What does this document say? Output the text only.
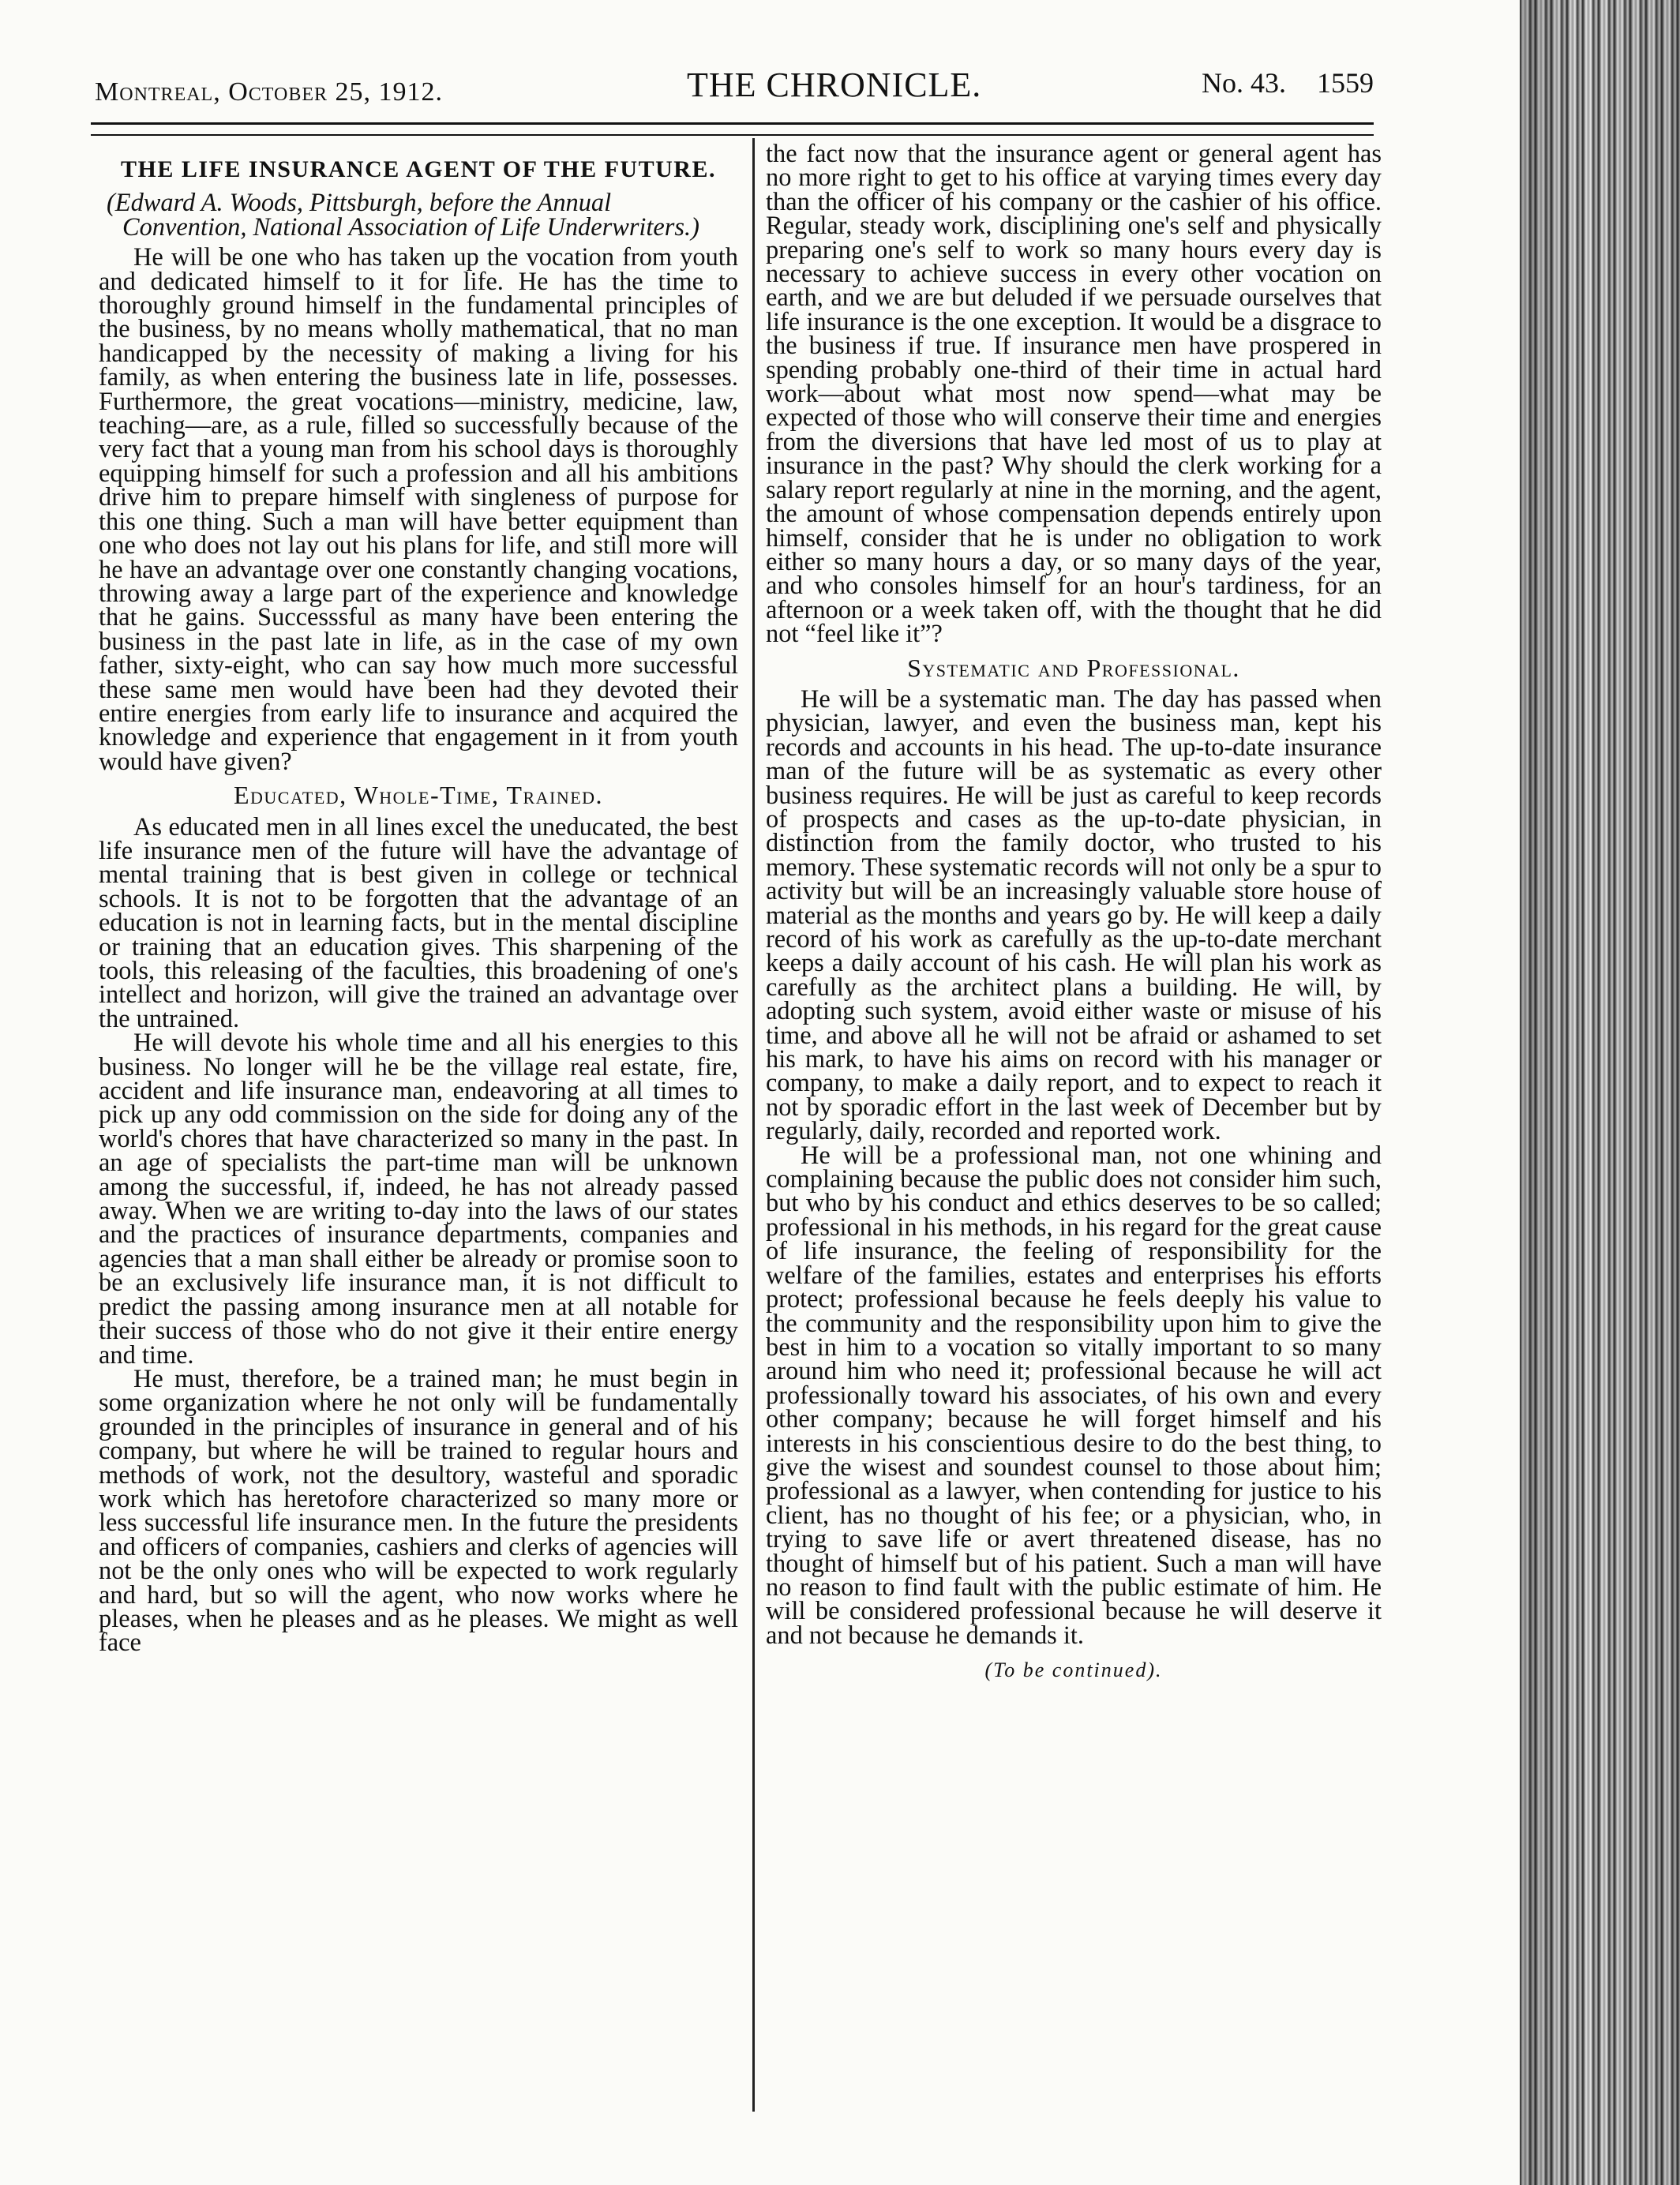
Montreal, October 25, 1912.	THE CHRONICLE.	No. 43. 1559
THE LIFE INSURANCE AGENT OF THE FUTURE.
(Edward A. Woods, Pittsburgh, before the Annual Convention, National Association of Life Underwriters.)

He will be one who has taken up the vocation from youth and dedicated himself to it for life. He has the time to thoroughly ground himself in the fundamental principles of the business, by no means wholly mathematical, that no man handicapped by the necessity of making a living for his family, as when entering the business late in life, possesses. Furthermore, the great vocations—ministry, medicine, law, teaching—are, as a rule, filled so successfully because of the very fact that a young man from his school days is thoroughly equipping himself for such a profession and all his ambitions drive him to prepare himself with singleness of purpose for this one thing. Such a man will have better equipment than one who does not lay out his plans for life, and still more will he have an advantage over one constantly changing vocations, throwing away a large part of the experience and knowledge that he gains. Successsful as many have been entering the business in the past late in life, as in the case of my own father, sixty-eight, who can say how much more successful these same men would have been had they devoted their entire energies from early life to insurance and acquired the knowledge and experience that engagement in it from youth would have given?

Educated, Whole-Time, Trained.

As educated men in all lines excel the uneducated, the best life insurance men of the future will have the advantage of mental training that is best given in college or technical schools. It is not to be forgotten that the advantage of an education is not in learning facts, but in the mental discipline or training that an education gives. This sharpening of the tools, this releasing of the faculties, this broadening of one's intellect and horizon, will give the trained an advantage over the untrained.

He will devote his whole time and all his energies to this business. No longer will he be the village real estate, fire, accident and life insurance man, endeavoring at all times to pick up any odd commission on the side for doing any of the world's chores that have characterized so many in the past. In an age of specialists the part-time man will be unknown among the successful, if, indeed, he has not already passed away. When we are writing to-day into the laws of our states and the practices of insurance departments, companies and agencies that a man shall either be already or promise soon to be an exclusively life insurance man, it is not difficult to predict the passing among insurance men at all notable for their success of those who do not give it their entire energy and time.

He must, therefore, be a trained man; he must begin in some organization where he not only will be fundamentally grounded in the principles of insurance in general and of his company, but where he will be trained to regular hours and methods of work, not the desultory, wasteful and sporadic work which has heretofore characterized so many more or less successful life insurance men. In the future the presidents and officers of companies, cashiers and clerks of agencies will not be the only ones who will be expected to work regularly and hard, but so will the agent, who now works where he pleases, when he pleases and as he pleases. We might as well face

the fact now that the insurance agent or general agent has no more right to get to his office at varying times every day than the officer of his company or the cashier of his office. Regular, steady work, disciplining one's self and physically preparing one's self to work so many hours every day is necessary to achieve success in every other vocation on earth, and we are but deluded if we persuade ourselves that life insurance is the one exception. It would be a disgrace to the business if true. If insurance men have prospered in spending probably one-third of their time in actual hard work—about what most now spend—what may be expected of those who will conserve their time and energies from the diversions that have led most of us to play at insurance in the past? Why should the clerk working for a salary report regularly at nine in the morning, and the agent, the amount of whose compensation depends entirely upon himself, consider that he is under no obligation to work either so many hours a day, or so many days of the year, and who consoles himself for an hour's tardiness, for an afternoon or a week taken off, with the thought that he did not “feel like it”?

Systematic and Professional.

He will be a systematic man. The day has passed when physician, lawyer, and even the business man, kept his records and accounts in his head. The up-to-date insurance man of the future will be as systematic as every other business requires. He will be just as careful to keep records of prospects and cases as the up-to-date physician, in distinction from the family doctor, who trusted to his memory. These systematic records will not only be a spur to activity but will be an increasingly valuable store house of material as the months and years go by. He will keep a daily record of his work as carefully as the up-to-date merchant keeps a daily account of his cash. He will plan his work as carefully as the architect plans a building. He will, by adopting such system, avoid either waste or misuse of his time, and above all he will not be afraid or ashamed to set his mark, to have his aims on record with his manager or company, to make a daily report, and to expect to reach it not by sporadic effort in the last week of December but by regularly, daily, recorded and reported work.

He will be a professional man, not one whining and complaining because the public does not consider him such, but who by his conduct and ethics deserves to be so called; professional in his methods, in his regard for the great cause of life insurance, the feeling of responsibility for the welfare of the families, estates and enterprises his efforts protect; professional because he feels deeply his value to the community and the responsibility upon him to give the best in him to a vocation so vitally important to so many around him who need it; professional because he will act professionally toward his associates, of his own and every other company; because he will forget himself and his interests in his conscientious desire to do the best thing, to give the wisest and soundest counsel to those about him; professional as a lawyer, when contending for justice to his client, has no thought of his fee; or a physician, who, in trying to save life or avert threatened disease, has no thought of himself but of his patient. Such a man will have no reason to find fault with the public estimate of him. He will be considered professional because he will deserve it and not because he demands it.

(To be continued).
